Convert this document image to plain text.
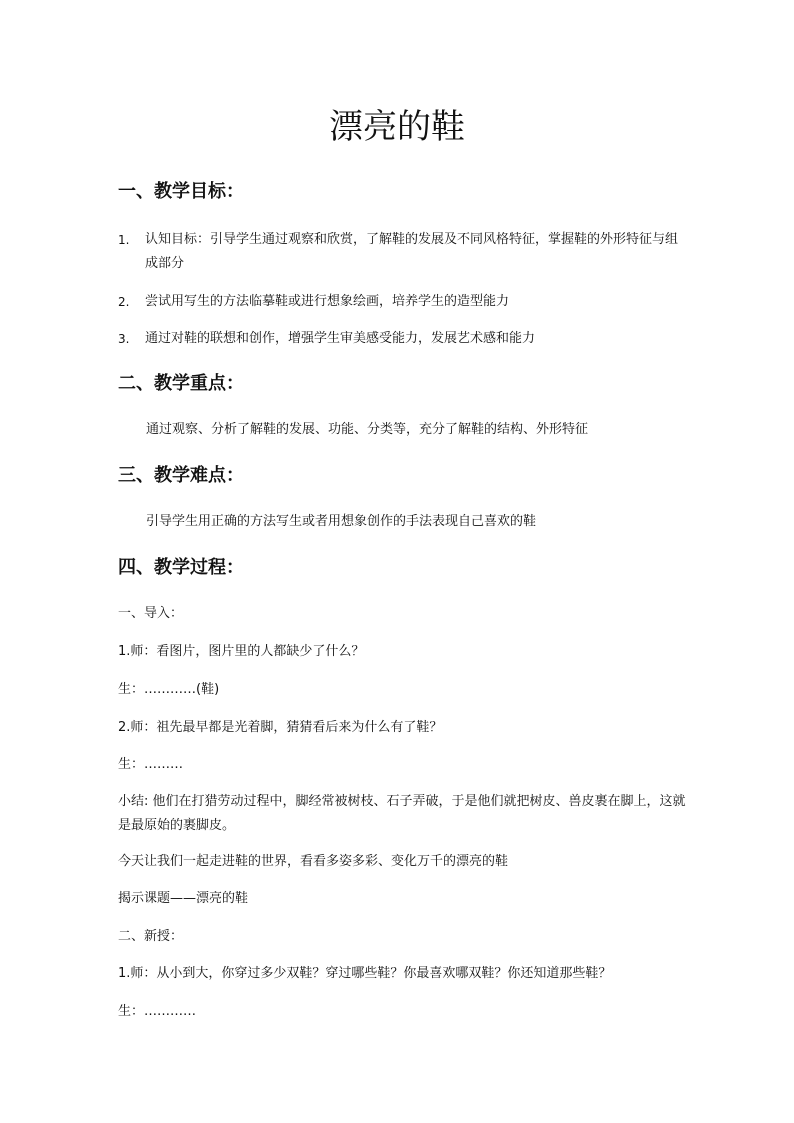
漂亮的鞋
一、教学目标：
1. 认知目标：引导学生通过观察和欣赏，了解鞋的发展及不同风格特征，掌握鞋的外形特征与组成部分
2. 尝试用写生的方法临摹鞋或进行想象绘画，培养学生的造型能力
3. 通过对鞋的联想和创作，增强学生审美感受能力，发展艺术感和能力
二、教学重点：

通过观察、分析了解鞋的发展、功能、分类等，充分了解鞋的结构、外形特征

三、教学难点：

引导学生用正确的方法写生或者用想象创作的手法表现自己喜欢的鞋

四、教学过程：

一、导入：

1.师：看图片，图片里的人都缺少了什么？

生：…………(鞋)

2.师：祖先最早都是光着脚，猜猜看后来为什么有了鞋？

生：………

小结: 他们在打猎劳动过程中，脚经常被树枝、石子弄破，于是他们就把树皮、兽皮裹在脚上，这就是最原始的裹脚皮。

今天让我们一起走进鞋的世界，看看多姿多彩、变化万千的漂亮的鞋

揭示课题——漂亮的鞋

二、新授：

1.师：从小到大，你穿过多少双鞋？穿过哪些鞋？你最喜欢哪双鞋？你还知道那些鞋？

生：…………
